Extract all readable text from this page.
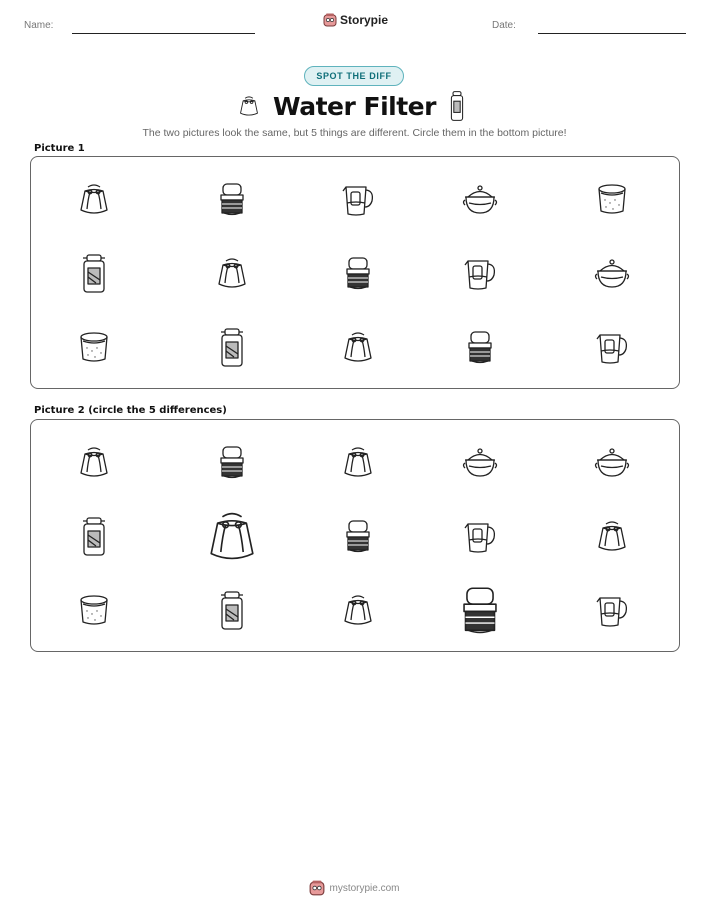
Name:	Storypie	Date:
SPOT THE DIFF
Water Filter
The two pictures look the same, but 5 things are different. Circle them in the bottom picture!
Picture 1
Picture 2 (circle the 5 differences)
mystorypie.com
